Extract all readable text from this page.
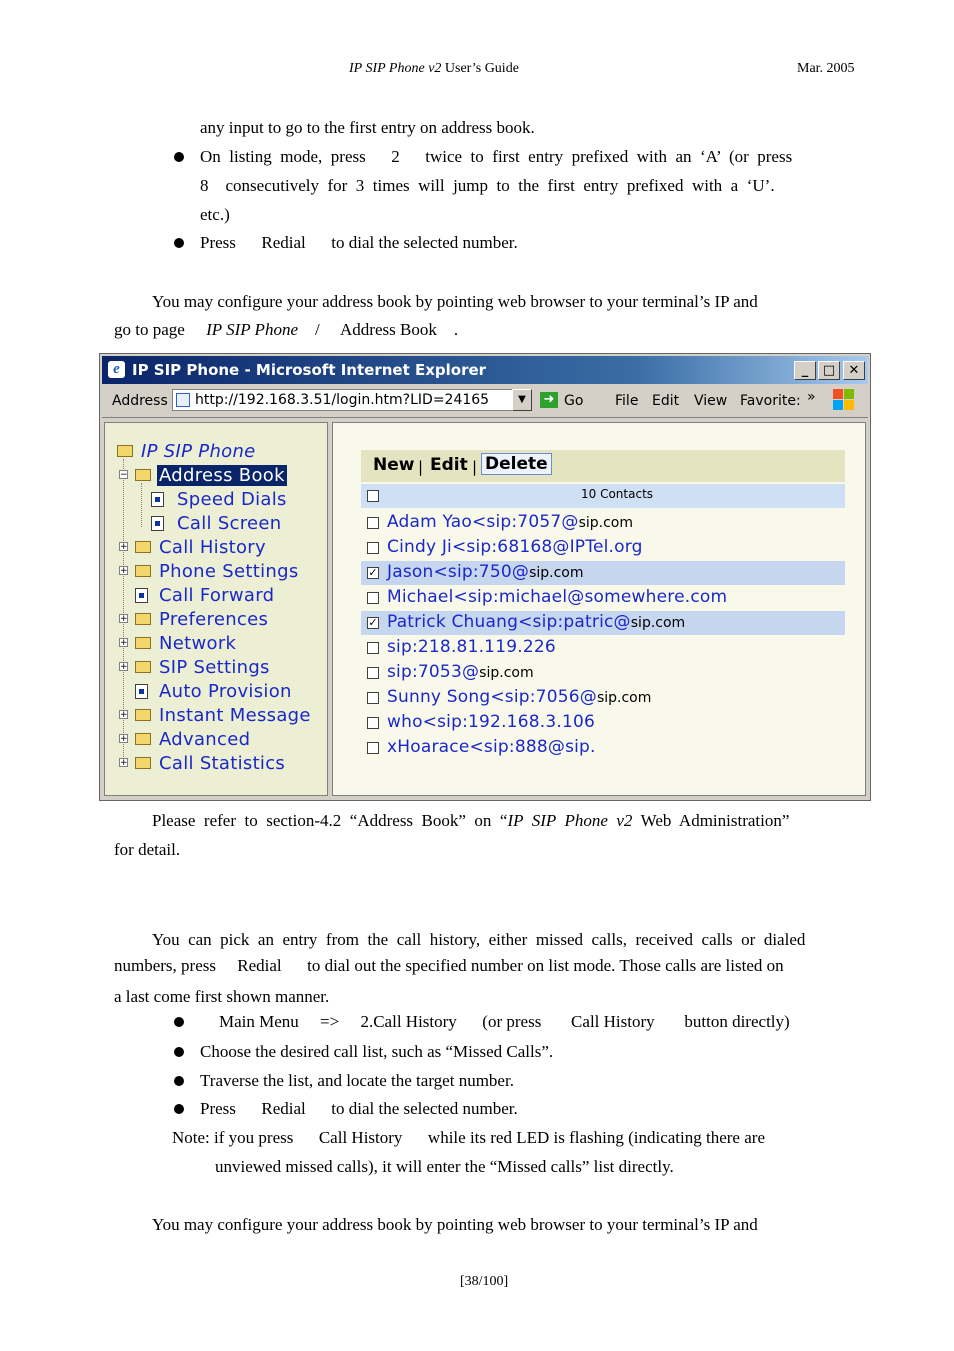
IP SIP Phone v2 User’s Guide	Mar. 2005
any input to go to the first entry on address book.
On  listing  mode,  press      2      twice  to  first  entry  prefixed  with  an  ‘A’  (or  press
8    consecutively  for  3  times  will  jump  to  the  first  entry  prefixed  with  a  ‘U’.
etc.)
Press      Redial      to dial the selected number.
You may configure your address book by pointing web browser to your terminal’s IP and
go to page     IP SIP Phone    /     Address Book    .
e IP SIP Phone - Microsoft Internet Explorer	_	□	✕
Address http://192.168.3.51/login.htm?LID=24165	▼	➜ Go File Edit View Favorite: »
IP SIP Phone
− Address Book
Speed Dials
Call Screen
+ Call History
+ Phone Settings
Call Forward
+ Preferences
+ Network
+ SIP Settings
Auto Provision
+ Instant Message
+ Advanced
+ Call Statistics
New | Edit | Delete
10 Contacts
Adam Yao<sip:7057@sip.com
Cindy Ji<sip:68168@IPTel.org
✓ Jason<sip:750@sip.com
Michael<sip:michael@somewhere.com
✓ Patrick Chuang<sip:patric@sip.com
sip:218.81.119.226
sip:7053@sip.com
Sunny Song<sip:7056@sip.com
who<sip:192.168.3.106
xHoarace<sip:888@sip.
Please  refer  to  section-4.2  “Address  Book”  on  “IP  SIP  Phone  v2  Web  Administration”
for detail.
You  can  pick  an  entry  from  the  call  history,  either  missed  calls,  received  calls  or  dialed
numbers, press     Redial      to dial out the specified number on list mode. Those calls are listed on
a last come first shown manner.
Main Menu     =>     2.Call History      (or press       Call History       button directly)
Choose the desired call list, such as “Missed Calls”.
Traverse the list, and locate the target number.
Press      Redial      to dial the selected number.
Note: if you press      Call History      while its red LED is flashing (indicating there are
unviewed missed calls), it will enter the “Missed calls” list directly.
You may configure your address book by pointing web browser to your terminal’s IP and
[38/100]
